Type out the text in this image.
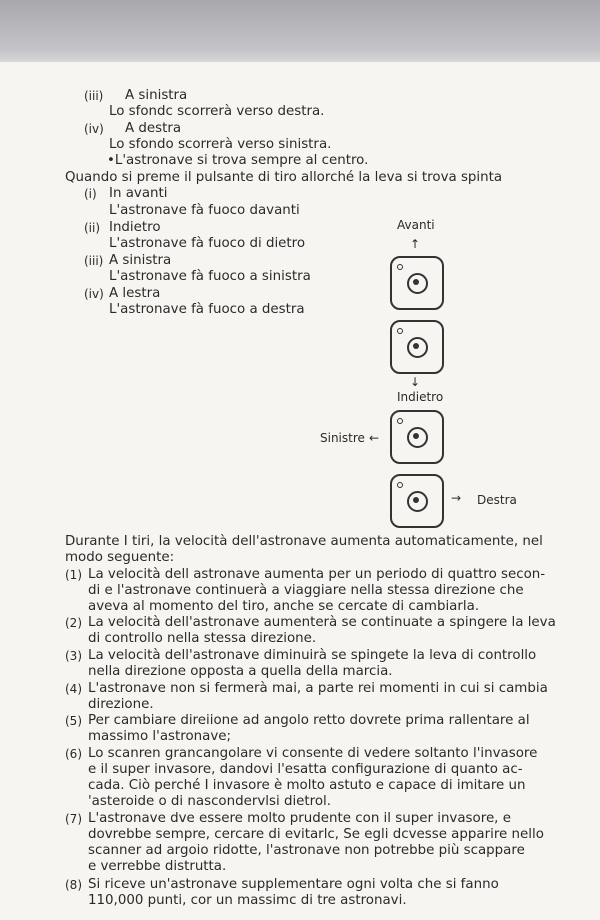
(iii) A sinistra
Lo sfondc scorrerà verso destra.
(iv) A destra
Lo sfondo scorrerà verso sinistra.
•L'astronave si trova sempre al centro.
Quando si preme il pulsante di tiro allorché la leva si trova spinta
(i) In avanti
L'astronave fà fuoco davanti
(ii) Indietro
L'astronave fà fuoco di dietro
(iii) A sinistra
L'astronave fà fuoco a sinistra
(iv) A lestra
L'astronave fà fuoco a destra
Avanti
↑
↓
Indietro
Sinistre ←
→ Destra
Durante I tiri, la velocità dell'astronave aumenta automaticamente, nel
modo seguente:
(1) La velocità dell astronave aumenta per un periodo di quattro secon-
di e l'astronave continuerà a viaggiare nella stessa direzione che
aveva al momento del tiro, anche se cercate di cambiarla.
(2) La velocità dell'astronave aumenterà se continuate a spingere la leva
di controllo nella stessa direzione.
(3) La velocità dell'astronave diminuirà se spingete la leva di controllo
nella direzione opposta a quella della marcia.
(4) L'astronave non si fermerà mai, a parte rei momenti in cui si cambia
direzione.
(5) Per cambiare direiione ad angolo retto dovrete prima rallentare al
massimo l'astronave;
(6) Lo scanren grancangolare vi consente di vedere soltanto l'invasore
e il super invasore, dandovi l'esatta configurazione di quanto ac-
cada. Ciò perché I invasore è molto astuto e capace di imitare un
'asteroide o di nascondervlsi dietrol.
(7) L'astronave dve essere molto prudente con il super invasore, e
dovrebbe sempre, cercare di evitarlc, Se egli dcvesse apparire nello
scanner ad argoio ridotte, l'astronave non potrebbe più scappare
e verrebbe distrutta.
(8) Si riceve un'astronave supplementare ogni volta che si fanno
110,000 punti, cor un massimc di tre astronavi.
